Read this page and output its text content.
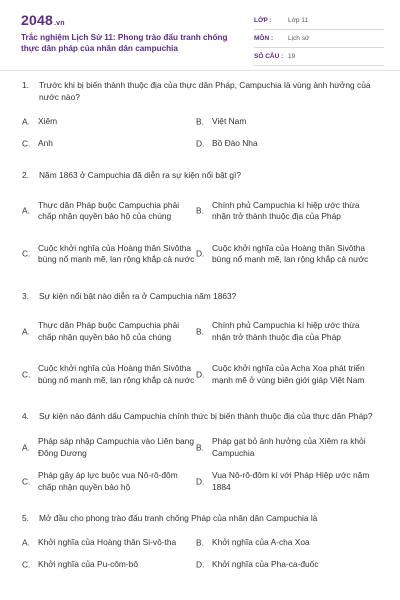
2048.vn
Trắc nghiệm Lịch Sử 11: Phong trào đấu tranh chống thực dân pháp của nhân dân campuchia
LỚP :	Lớp 11
MÔN : Lịch sử
SỐ CÂU : 19
1. Trước khi bị biến thành thuộc địa của thực dân Pháp, Campuchia là vùng ảnh hưởng của nước nào?
A. Xiêm	B. Việt Nam
C. Anh	D. Bồ Đào Nha
2. Năm 1863 ở Campuchia đã diễn ra sự kiện nổi bật gì?
A.
Thực dân Pháp buộc Campuchia phải chấp nhận quyền bảo hộ của chúng
B.
Chính phủ Campuchia kí hiệp ước thừa nhận trở thành thuộc địa của Pháp
C.
Cuộc khởi nghĩa của Hoàng thân Sivôtha bùng nổ mạnh mẽ, lan rộng khắp cả nước
D.
Cuộc khởi nghĩa của Hoàng thân Sivôtha bùng nổ mạnh mẽ, lan rộng khắp cả nước
3. Sự kiện nổi bật nào diễn ra ở Campuchia năm 1863?
A.
Thực dân Pháp buộc Campuchia phải chấp nhận quyền bảo hộ của chúng
B.
Chính phủ Campuchia kí hiệp ước thừa nhận trở thành thuộc địa của Pháp
C.
Cuộc khởi nghĩa của Hoàng thân Sivôtha bùng nổ mạnh mẽ, lan rộng khắp cả nước
D.
Cuộc khởi nghĩa của Acha Xoa phát triển mạnh mẽ ở vùng biên giới giáp Việt Nam
4. Sự kiện nào đánh dấu Campuchia chính thức bị biến thành thuộc địa của thực dân Pháp?
A.
Pháp sáp nhập Campuchia vào Liên bang Đông Dương
B.
Pháp gạt bỏ ảnh hưởng của Xiêm ra khỏi Campuchia
C.
Pháp gây áp lực buộc vua Nô-rô-đôm chấp nhận quyền bảo hộ
D.
Vua Nô-rô-đôm kí với Pháp Hiệp ước năm 1884
5. Mở đầu cho phong trào đấu tranh chống Pháp của nhân dân Campuchia là
A. Khởi nghĩa của Hoàng thân Si-vô-tha B. Khởi nghĩa của A-cha Xoa
C. Khởi nghĩa của Pu-côm-bô	D. Khởi nghĩa của Pha-ca-đuốc
